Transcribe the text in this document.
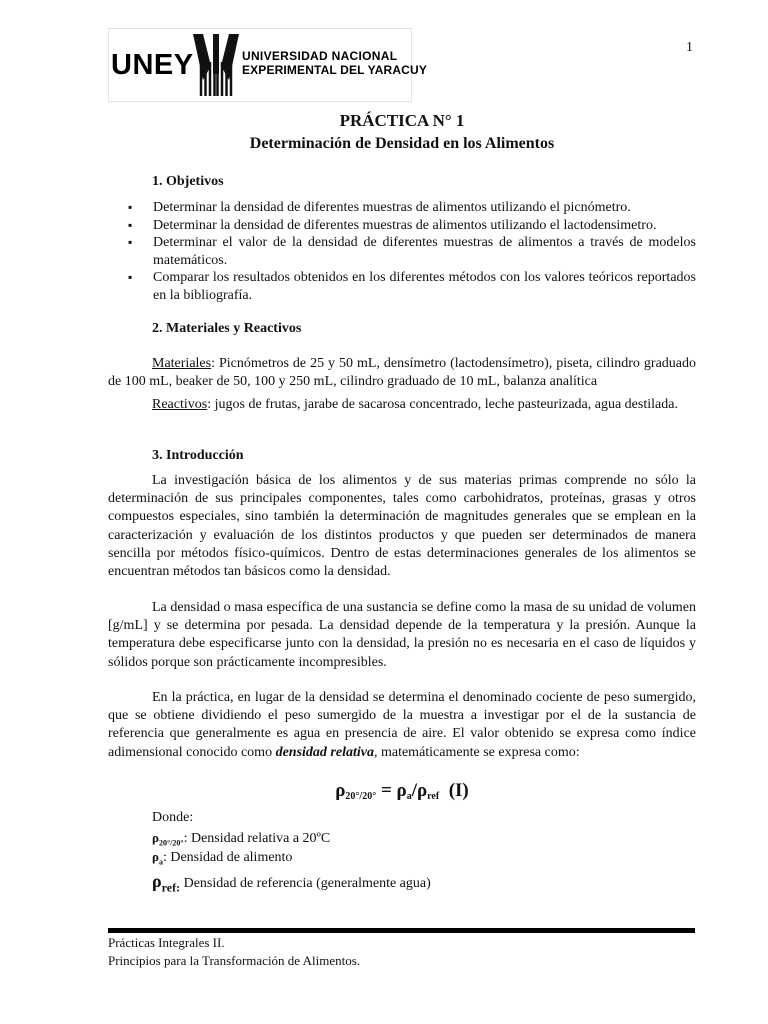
1
UNEY	UNIVERSIDAD NACIONAL
EXPERIMENTAL DEL YARACUY
PRÁCTICA N° 1
Determinación de Densidad en los Alimentos
1. Objetivos
▪ Determinar la densidad de diferentes muestras de alimentos utilizando el picnómetro.
▪ Determinar la densidad de diferentes muestras de alimentos utilizando el lactodensimetro.
▪ Determinar el valor de la densidad de diferentes muestras de alimentos a través de modelos matemáticos.
▪ Comparar los resultados obtenidos en los diferentes métodos con los valores teóricos reportados en la bibliografía.
2. Materiales y Reactivos

Materiales: Picnómetros de 25 y 50 mL, densímetro (lactodensímetro), piseta, cilindro graduado de 100 mL, beaker de 50, 100 y 250 mL, cilindro graduado de 10 mL, balanza analítica

Reactivos: jugos de frutas, jarabe de sacarosa concentrado, leche pasteurizada, agua destilada.

3. Introducción

La investigación básica de los alimentos y de sus materias primas comprende no sólo la determinación de sus principales componentes, tales como carbohidratos, proteínas, grasas y otros compuestos especiales, sino también la determinación de magnitudes generales que se emplean en la caracterización y evaluación de los distintos productos y que pueden ser determinados de manera sencilla por métodos físico-químicos. Dentro de estas determinaciones generales de los alimentos se encuentran métodos tan básicos como la densidad.

La densidad o masa específica de una sustancia se define como la masa de su unidad de volumen [g/mL] y se determina por pesada. La densidad depende de la temperatura y la presión. Aunque la temperatura debe especificarse junto con la densidad, la presión no es necesaria en el caso de líquidos y sólidos porque son prácticamente incompresibles.

En la práctica, en lugar de la densidad se determina el denominado cociente de peso sumergido, que se obtiene dividiendo el peso sumergido de la muestra a investigar por el de la sustancia de referencia que generalmente es agua en presencia de aire. El valor obtenido se expresa como índice adimensional conocido como densidad relativa, matemáticamente se expresa como:

$\rho_{20^\circ/20^\circ} = \rho_a/\rho_{ref}$ (I)
Donde:
$\rho_{20^\circ/20^\circ}$: Densidad relativa a 20ºC
$\rho_a$: Densidad de alimento
$\rho_{ref:}$ Densidad de referencia (generalmente agua)
Prácticas Integrales II.
Principios para la Transformación de Alimentos.
